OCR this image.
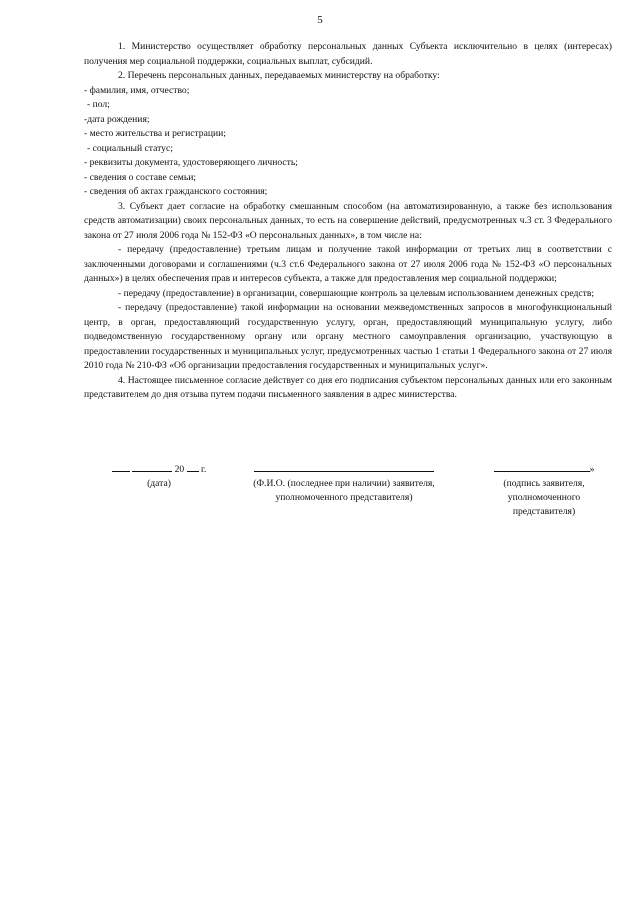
5

1. Министерство осуществляет обработку персональных данных Субъекта исключительно в целях (интересах) получения мер социальной поддержки, социальных выплат, субсидий.

2. Перечень персональных данных, передаваемых министерству на обработку:

- фамилия, имя, отчество;

- пол;

-дата рождения;

- место жительства и регистрации;

- социальный статус;

- реквизиты документа, удостоверяющего личность;

- сведения о составе семьи;

- сведения об актах гражданского состояния;

3. Субъект дает согласие на обработку смешанным способом (на автоматизированную, а также без использования средств автоматизации) своих персональных данных, то есть на совершение действий, предусмотренных ч.3 ст. 3 Федерального закона от 27 июля 2006 года № 152-ФЗ «О персональных данных», в том числе на:

- передачу (предоставление) третьим лицам и получение такой информации от третьих лиц в соответствии с заключенными договорами и соглашениями (ч.3 ст.6 Федерального закона от 27 июля 2006 года № 152-ФЗ «О персональных данных») в целях обеспечения прав и интересов субъекта, а также для предоставления мер социальной поддержки;

- передачу (предоставление) в организации, совершающие контроль за целевым использованием денежных средств;

- передачу (предоставление) такой информации на основании межведомственных запросов в многофункциональный центр, в орган, предоставляющий государственную услугу, орган, предоставляющий муниципальную услугу, либо подведомственную государственному органу или органу местного самоуправления организацию, участвующую в предоставлении государственных и муниципальных услуг, предусмотренных частью 1 статьи 1 Федерального закона от 27 июля 2010 года № 210-ФЗ «Об организации предоставления государственных и муниципальных услуг».

4. Настоящее письменное согласие действует со дня его подписания субъектом персональных данных или его законным представителем до дня отзыва путем подачи письменного заявления в адрес министерства.

20 г.
(дата)	(Ф.И.О. (последнее при наличии) заявителя,
уполномоченного представителя)
»
(подпись заявителя,
уполномоченного
представителя)
